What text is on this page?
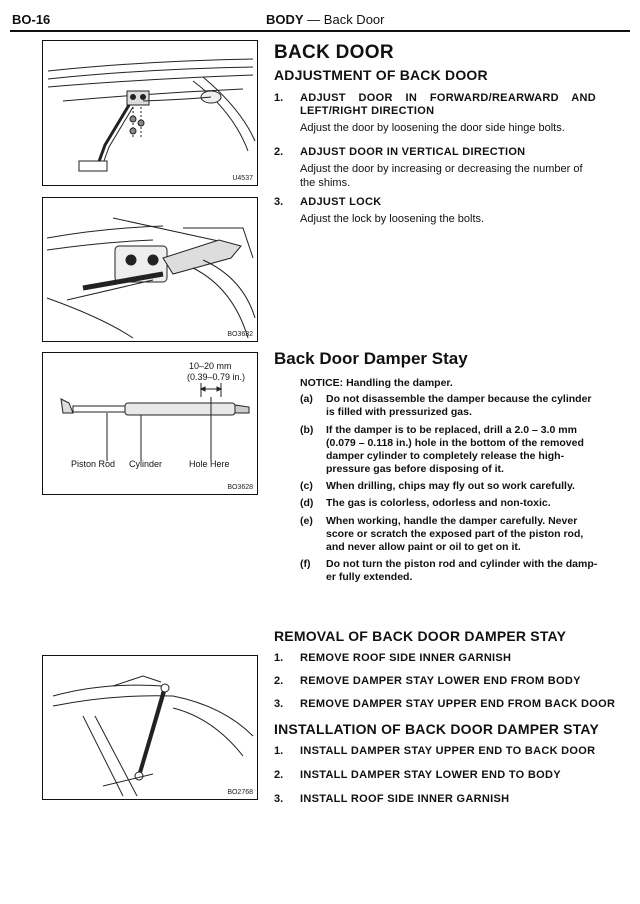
BO-16	BODY — Back Door
U4537
BO3632
10–20 mm
(0.39–0.79 in.)
Piston Rod Cylinder	Hole Here
BO3628
BO2768
BACK DOOR
ADJUSTMENT OF BACK DOOR
1. ADJUST DOOR IN FORWARD/REARWARD AND
LEFT/RIGHT DIRECTION
Adjust the door by loosening the door side hinge bolts.
2. ADJUST DOOR IN VERTICAL DIRECTION
Adjust the door by increasing or decreasing the number of
the shims.
3. ADJUST LOCK
Adjust the lock by loosening the bolts.
Back Door Damper Stay
NOTICE: Handling the damper.
(a) Do not disassemble the damper because the cylinder
is filled with pressurized gas.
(b) If the damper is to be replaced, drill a 2.0 – 3.0 mm
(0.079 – 0.118 in.) hole in the bottom of the removed
damper cylinder to completely release the high-
pressure gas before disposing of it.
(c) When drilling, chips may fly out so work carefully.
(d) The gas is colorless, odorless and non-toxic.
(e) When working, handle the damper carefully. Never
score or scratch the exposed part of the piston rod,
and never allow paint or oil to get on it.
(f) Do not turn the piston rod and cylinder with the damp-
er fully extended.
REMOVAL OF BACK DOOR DAMPER STAY
1. REMOVE ROOF SIDE INNER GARNISH
2. REMOVE DAMPER STAY LOWER END FROM BODY
3. REMOVE DAMPER STAY UPPER END FROM BACK DOOR
INSTALLATION OF BACK DOOR DAMPER STAY
1. INSTALL DAMPER STAY UPPER END TO BACK DOOR
2. INSTALL DAMPER STAY LOWER END TO BODY
3. INSTALL ROOF SIDE INNER GARNISH
